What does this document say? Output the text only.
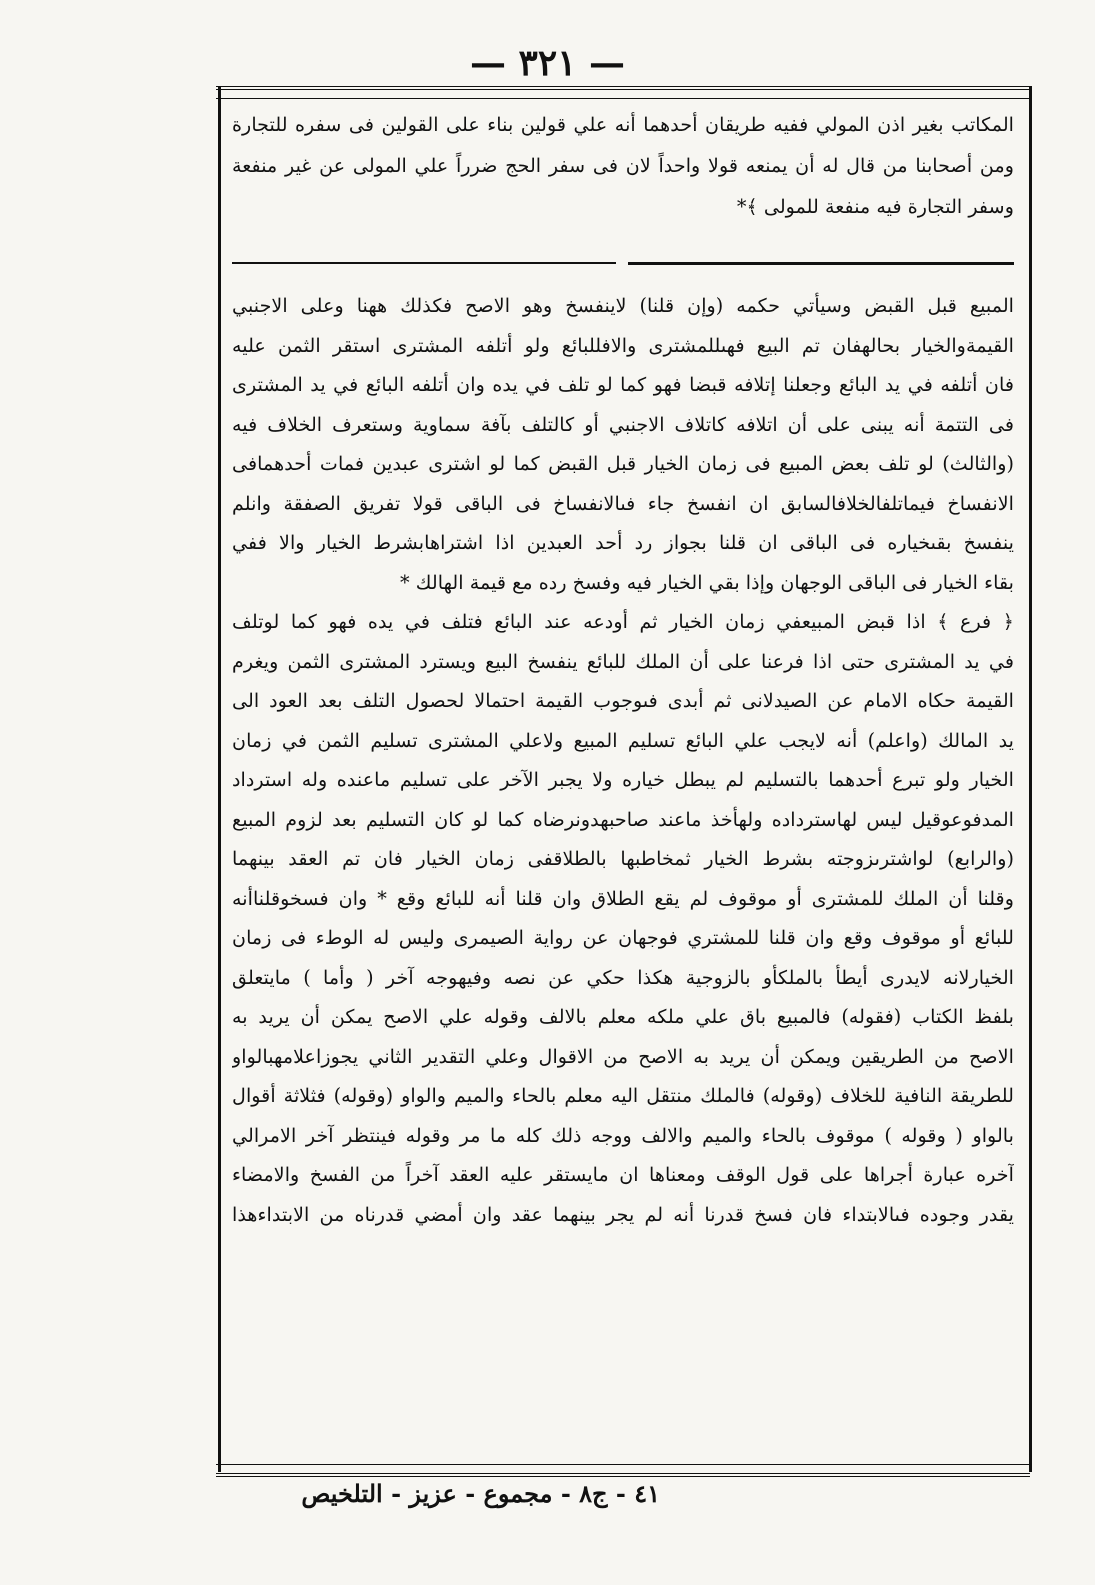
— ٣٢١ —
المكاتب بغير اذن المولي ففيه طريقان أحدهما أنه علي قولين بناء على القولين فى سفره للتجارة
ومن أصحابنا من قال له أن يمنعه قولا واحداً لان فى سفر الحج ضرراً علي المولى عن غير منفعة
وسفر التجارة فيه منفعة للمولى ﴾*
المبيع قبل القبض وسيأتي حكمه (وإن قلنا) لاينفسخ وهو الاصح فكذلك ههنا وعلى الاجنبي
القيمةوالخيار بحالهفان تم البيع فهىللمشترى والافللبائع ولو أتلفه المشترى استقر الثمن عليه
فان أتلفه في يد البائع وجعلنا إتلافه قبضا فهو كما لو تلف في يده وان أتلفه البائع في يد المشترى
فى التتمة أنه يبنى على أن اتلافه كاتلاف الاجنبي أو كالتلف بآفة سماوية وستعرف الخلاف فيه
(والثالث) لو تلف بعض المبيع فى زمان الخيار قبل القبض كما لو اشترى عبدين فمات أحدهمافى
الانفساخ فيماتلفالخلافالسابق ان انفسخ جاء فىالانفساخ فى الباقى قولا تفريق الصفقة وانلم
ينفسخ بقىخياره فى الباقى ان قلنا بجواز رد أحد العبدين اذا اشتراهابشرط الخيار والا ففي
بقاء الخيار فى الباقى الوجهان وإذا بقي الخيار فيه وفسخ رده مع قيمة الهالك *
﴿ فرع ﴾ اذا قبض المبيعفي زمان الخيار ثم أودعه عند البائع فتلف في يده فهو كما لوتلف
في يد المشترى حتى اذا فرعنا على أن الملك للبائع ينفسخ البيع ويسترد المشترى الثمن ويغرم
القيمة حكاه الامام عن الصيدلانى ثم أبدى فىوجوب القيمة احتمالا لحصول التلف بعد العود الى
يد المالك (واعلم) أنه لايجب علي البائع تسليم المبيع ولاعلي المشترى تسليم الثمن في زمان
الخيار ولو تبرع أحدهما بالتسليم لم يبطل خياره ولا يجبر الآخر على تسليم ماعنده وله استرداد
المدفوعوقيل ليس لهاسترداده ولهأخذ ماعند صاحبهدونرضاه كما لو كان التسليم بعد لزوم المبيع
(والرابع) لواشترىزوجته بشرط الخيار ثمخاطبها بالطلاقفى زمان الخيار فان تم العقد بينهما
وقلنا أن الملك للمشترى أو موقوف لم يقع الطلاق وان قلنا أنه للبائع وقع * وان فسخوقلناأنه
للبائع أو موقوف وقع وان قلنا للمشتري فوجهان عن رواية الصيمرى وليس له الوطء فى زمان
الخيارلانه لايدرى أيطأ بالملكأو بالزوجية هكذا حكي عن نصه وفيهوجه آخر ( وأما ) مايتعلق
بلفظ الكتاب (فقوله) فالمبيع باق علي ملكه معلم بالالف وقوله علي الاصح يمكن أن يريد به
الاصح من الطريقين ويمكن أن يريد به الاصح من الاقوال وعلي التقدير الثاني يجوزاعلامهبالواو
للطريقة النافية للخلاف (وقوله) فالملك منتقل اليه معلم بالحاء والميم والواو (وقوله) فثلاثة أقوال
بالواو ( وقوله ) موقوف بالحاء والميم والالف ووجه ذلك كله ما مر وقوله فينتظر آخر الامرالي
آخره عبارة أجراها على قول الوقف ومعناها ان مايستقر عليه العقد آخراً من الفسخ والامضاء
يقدر وجوده فىالابتداء فان فسخ قدرنا أنه لم يجر بينهما عقد وان أمضي قدرناه من الابتداءهذا
٤١ - ج٨ - مجموع - عزيز - التلخيص
